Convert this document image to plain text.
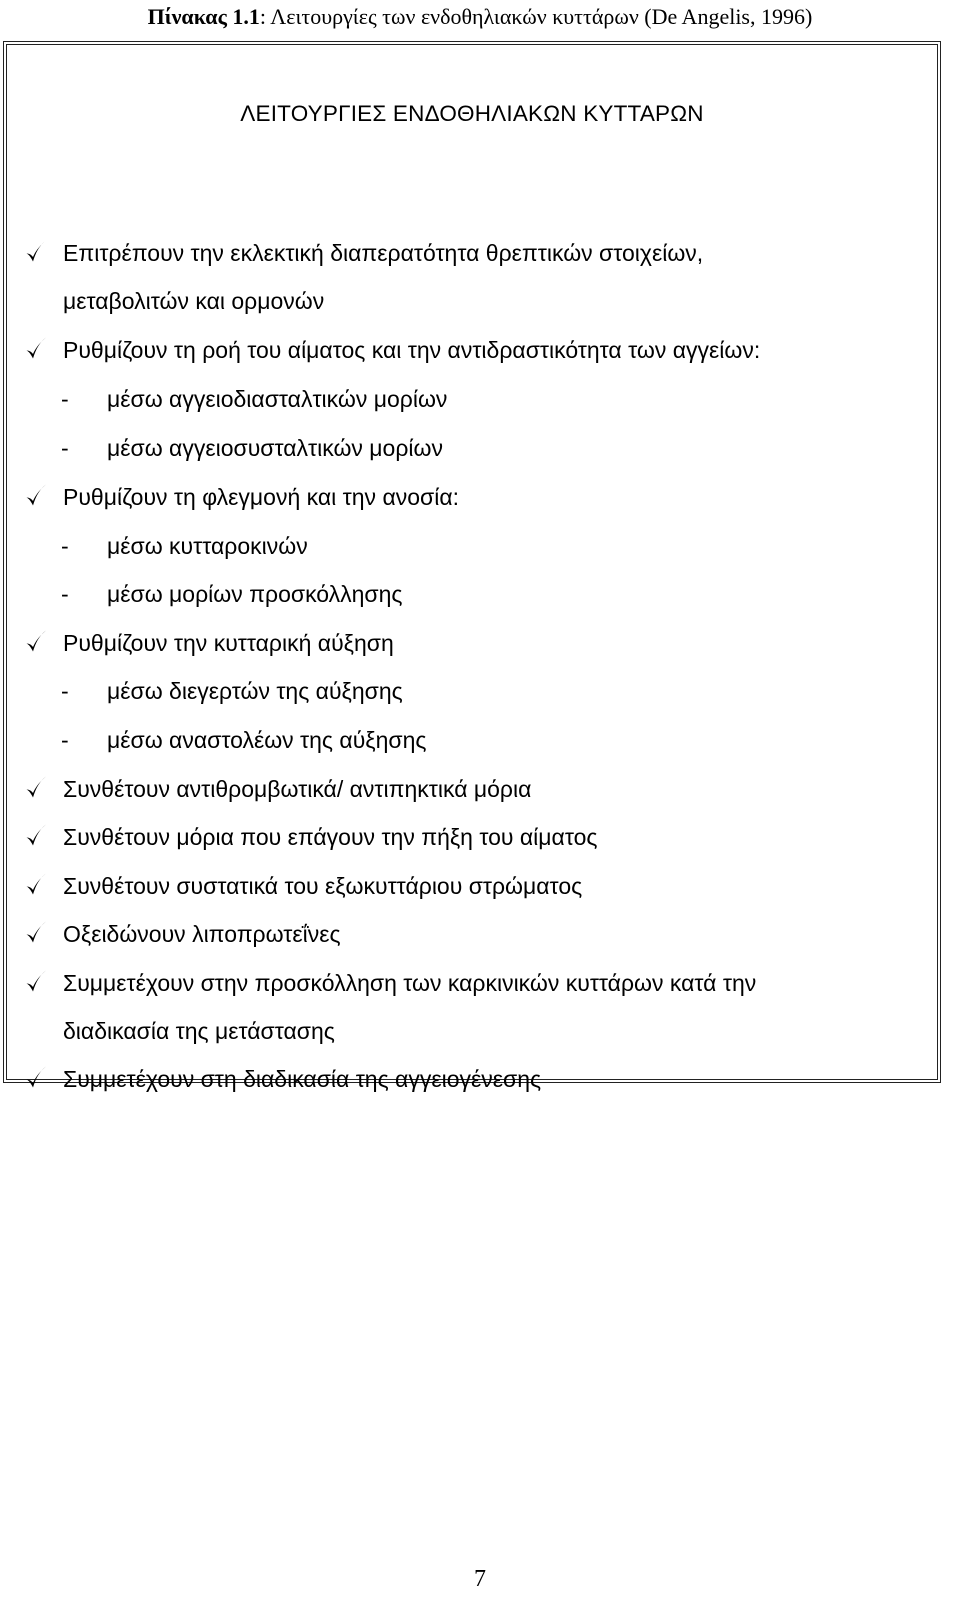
Πίνακας 1.1: Λειτουργίες των ενδοθηλιακών κυττάρων (De Angelis, 1996)
ΛΕΙΤΟΥΡΓΙΕΣ ΕΝΔΟΘΗΛΙΑΚΩΝ ΚΥΤΤΑΡΩΝ
Επιτρέπουν την εκλεκτική διαπερατότητα θρεπτικών στοιχείων,
μεταβολιτών και ορμονών
Ρυθμίζουν τη ροή του αίματος και την αντιδραστικότητα των αγγείων:
- μέσω αγγειοδιασταλτικών μορίων
- μέσω αγγειοσυσταλτικών μορίων
Ρυθμίζουν τη φλεγμονή και την ανοσία:
- μέσω κυτταροκινών
- μέσω μορίων προσκόλλησης
Ρυθμίζουν την κυτταρική αύξηση
- μέσω διεγερτών της αύξησης
- μέσω αναστολέων της αύξησης
Συνθέτουν αντιθρομβωτικά/ αντιπηκτικά μόρια
Συνθέτουν μόρια που επάγουν την πήξη του αίματος
Συνθέτουν συστατικά του εξωκυττάριου στρώματος
Οξειδώνουν λιποπρωτεΐνες
Συμμετέχουν στην προσκόλληση των καρκινικών κυττάρων κατά την
διαδικασία της μετάστασης
Συμμετέχουν στη διαδικασία της αγγειογένεσης
7
